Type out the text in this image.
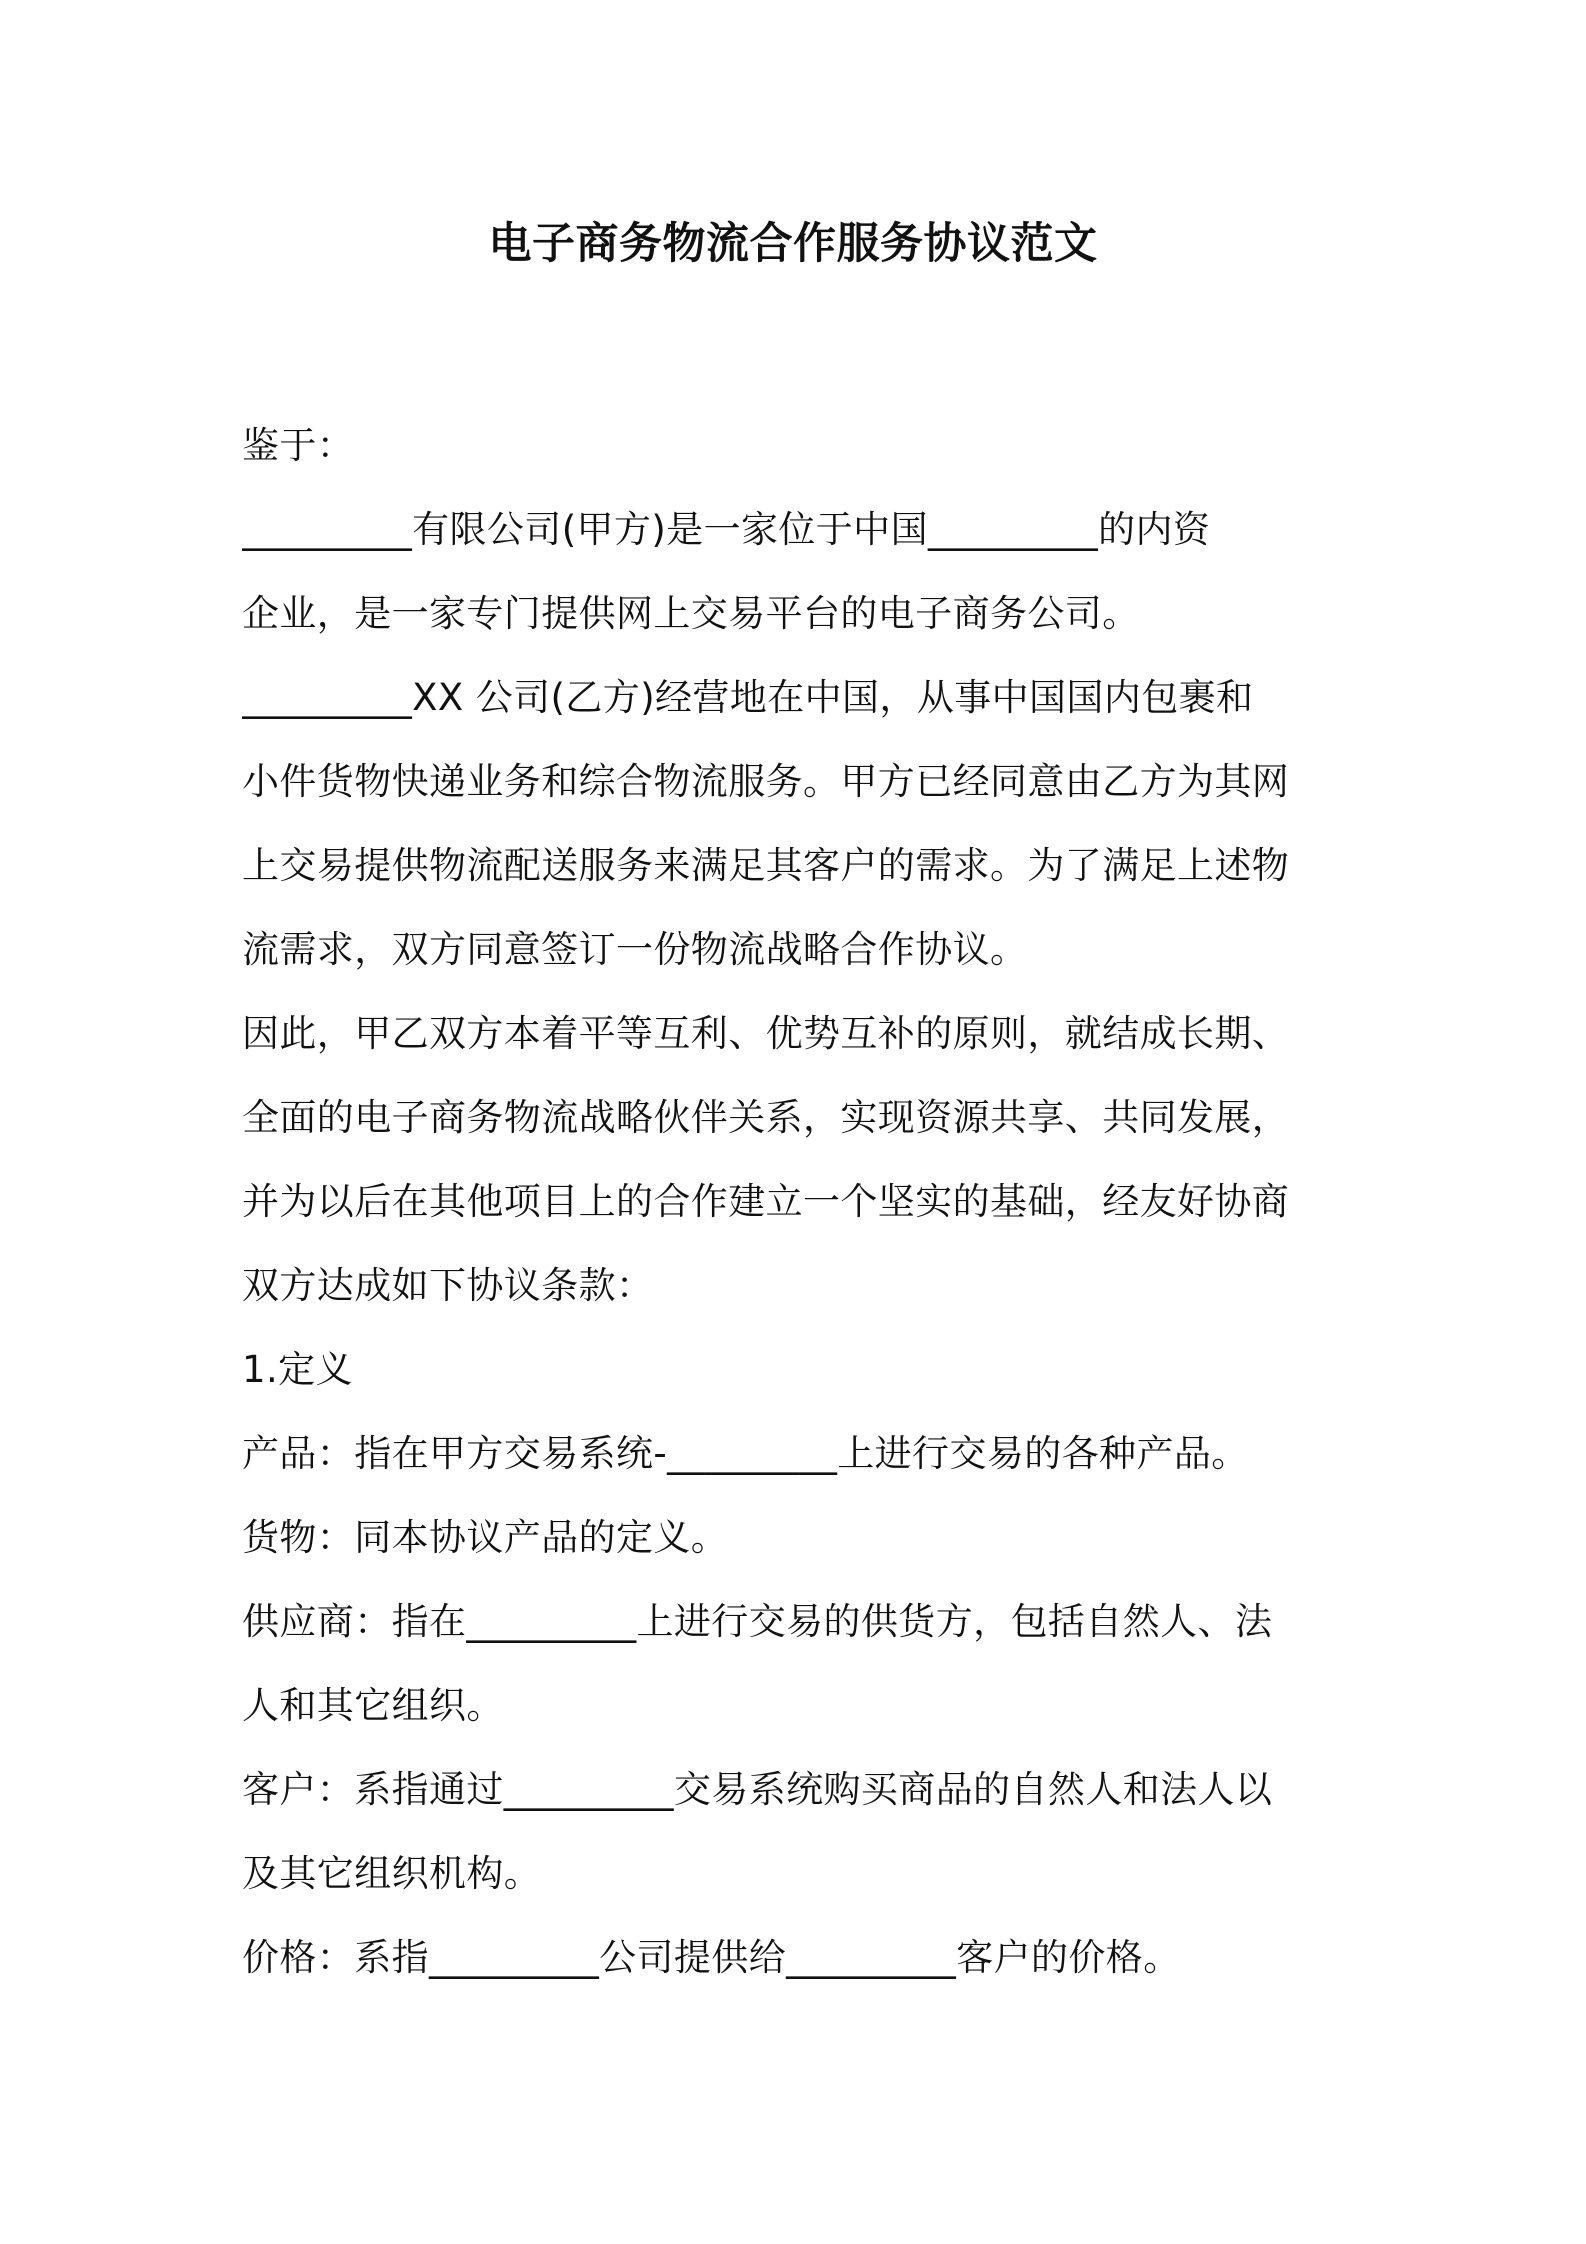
电子商务物流合作服务协议范文
鉴于：
_________有限公司(甲方)是一家位于中国_________的内资
企业，是一家专门提供网上交易平台的电子商务公司。
_________XX 公司(乙方)经营地在中国，从事中国国内包裹和
小件货物快递业务和综合物流服务。甲方已经同意由乙方为其网
上交易提供物流配送服务来满足其客户的需求。为了满足上述物
流需求，双方同意签订一份物流战略合作协议。
因此，甲乙双方本着平等互利、优势互补的原则，就结成长期、
全面的电子商务物流战略伙伴关系，实现资源共享、共同发展，
并为以后在其他项目上的合作建立一个坚实的基础，经友好协商
双方达成如下协议条款：
1.定义
产品：指在甲方交易系统-_________上进行交易的各种产品。
货物：同本协议产品的定义。
供应商：指在_________上进行交易的供货方，包括自然人、法
人和其它组织。
客户：系指通过_________交易系统购买商品的自然人和法人以
及其它组织机构。
价格：系指_________公司提供给_________客户的价格。
